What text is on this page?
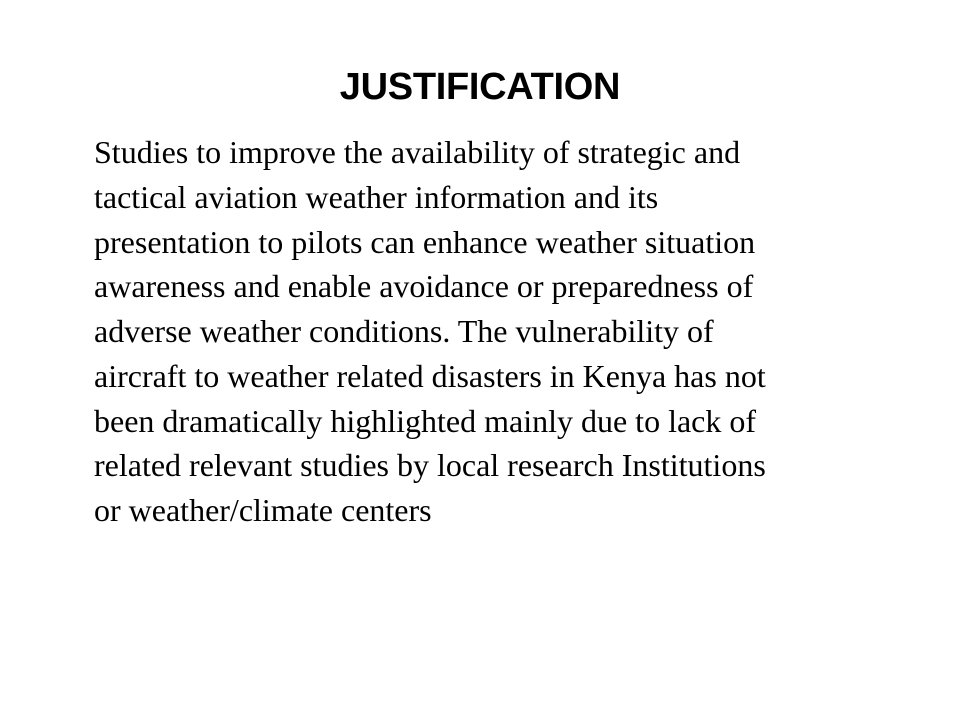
JUSTIFICATION

Studies to improve the availability of strategic and

tactical aviation weather information and its

presentation to pilots can enhance weather situation

awareness and enable avoidance or preparedness of

adverse weather conditions. The vulnerability of

aircraft to weather related disasters in Kenya has not

been dramatically highlighted mainly due to lack of

related relevant studies by local research Institutions

or weather/climate centers
